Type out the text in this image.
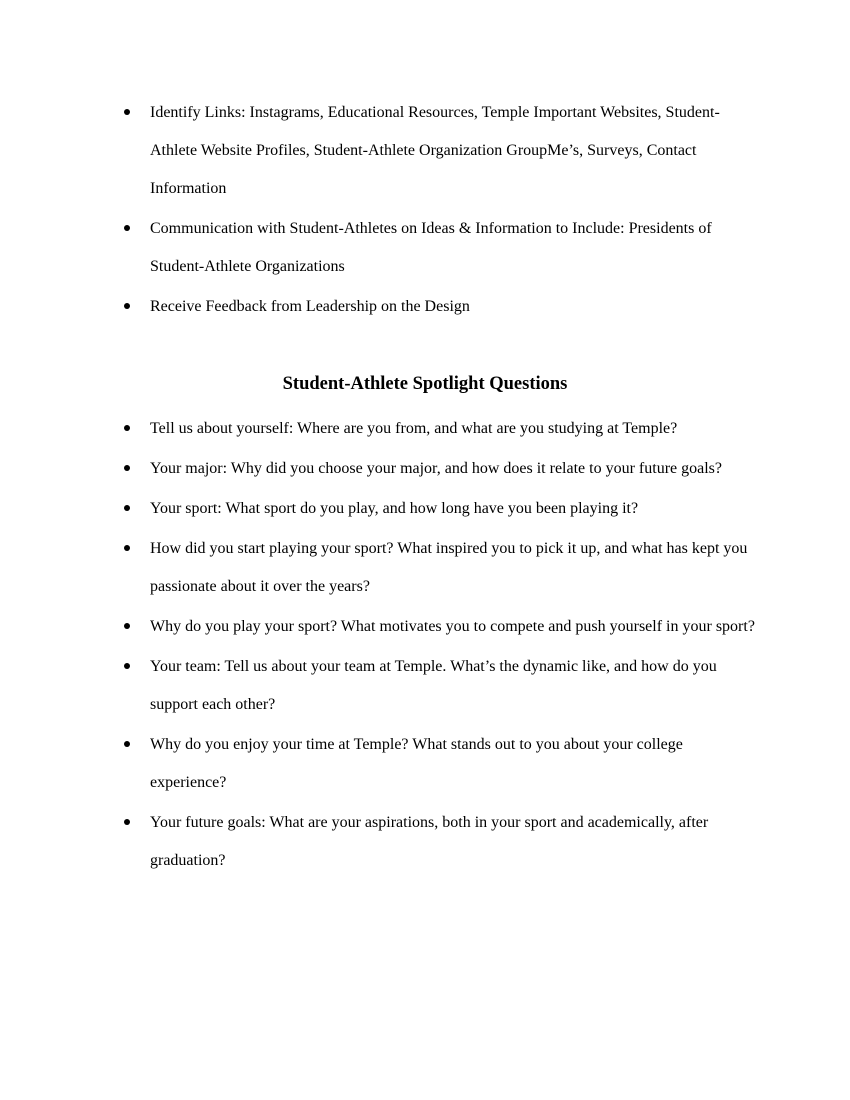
Identify Links: Instagrams, Educational Resources, Temple Important Websites, Student-Athlete Website Profiles, Student-Athlete Organization GroupMe’s, Surveys, Contact Information
Communication with Student-Athletes on Ideas & Information to Include: Presidents of Student-Athlete Organizations
Receive Feedback from Leadership on the Design
Student-Athlete Spotlight Questions
Tell us about yourself: Where are you from, and what are you studying at Temple?
Your major: Why did you choose your major, and how does it relate to your future goals?
Your sport: What sport do you play, and how long have you been playing it?
How did you start playing your sport? What inspired you to pick it up, and what has kept you passionate about it over the years?
Why do you play your sport? What motivates you to compete and push yourself in your sport?
Your team: Tell us about your team at Temple. What’s the dynamic like, and how do you support each other?
Why do you enjoy your time at Temple? What stands out to you about your college experience?
Your future goals: What are your aspirations, both in your sport and academically, after graduation?
